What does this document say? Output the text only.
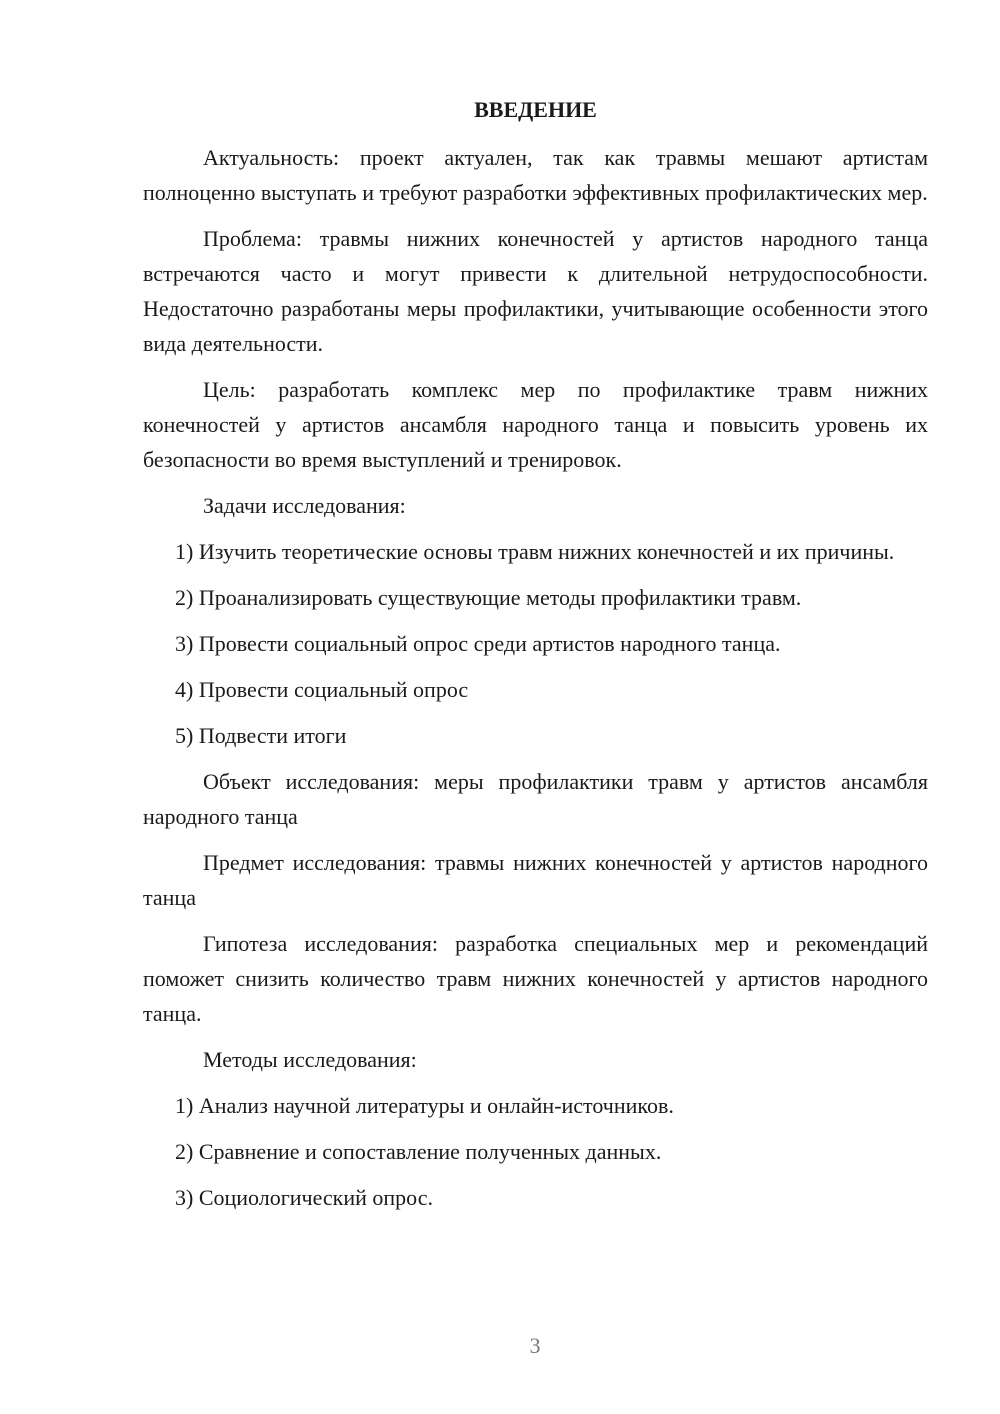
ВВЕДЕНИЕ

Актуальность: проект актуален, так как травмы мешают артистам полноценно выступать и требуют разработки эффективных профилактических мер.

Проблема: травмы нижних конечностей у артистов народного танца встречаются часто и могут привести к длительной нетрудоспособности. Недостаточно разработаны меры профилактики, учитывающие особенности этого вида деятельности.

Цель: разработать комплекс мер по профилактике травм нижних конечностей у артистов ансамбля народного танца и повысить уровень их безопасности во время выступлений и тренировок.

Задачи исследования:

1) Изучить теоретические основы травм нижних конечностей и их причины.

2) Проанализировать существующие методы профилактики травм.

3) Провести социальный опрос среди артистов народного танца.

4) Провести социальный опрос

5) Подвести итоги

Объект исследования: меры профилактики травм у артистов ансамбля народного танца

Предмет исследования: травмы нижних конечностей у артистов народного танца

Гипотеза исследования: разработка специальных мер и рекомендаций поможет снизить количество травм нижних конечностей у артистов народного танца.

Методы исследования:

1) Анализ научной литературы и онлайн-источников.

2) Сравнение и сопоставление полученных данных.

3) Социологический опрос.

3
